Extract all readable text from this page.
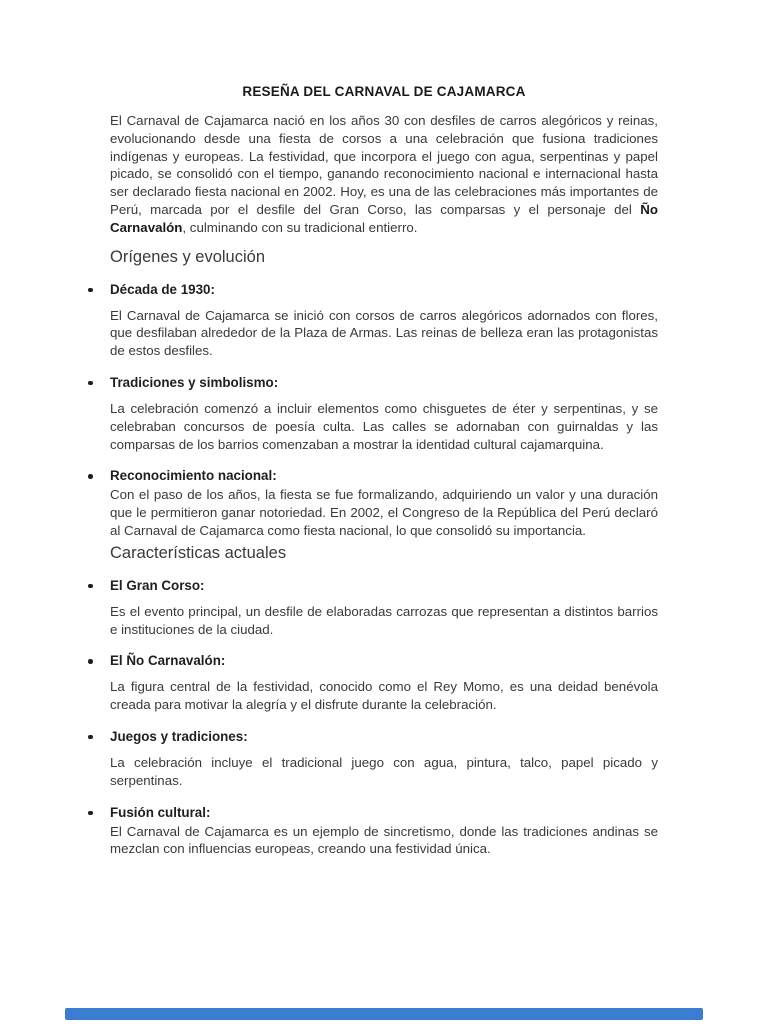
RESEÑA DEL CARNAVAL DE CAJAMARCA

El Carnaval de Cajamarca nació en los años 30 con desfiles de carros alegóricos y reinas, evolucionando desde una fiesta de corsos a una celebración que fusiona tradiciones indígenas y europeas. La festividad, que incorpora el juego con agua, serpentinas y papel picado, se consolidó con el tiempo, ganando reconocimiento nacional e internacional hasta ser declarado fiesta nacional en 2002. Hoy, es una de las celebraciones más importantes de Perú, marcada por el desfile del Gran Corso, las comparsas y el personaje del Ño Carnavalón, culminando con su tradicional entierro.

Orígenes y evolución
Década de 1930:

El Carnaval de Cajamarca se inició con corsos de carros alegóricos adornados con flores, que desfilaban alrededor de la Plaza de Armas. Las reinas de belleza eran las protagonistas de estos desfiles.

Tradiciones y simbolismo:

La celebración comenzó a incluir elementos como chisguetes de éter y serpentinas, y se celebraban concursos de poesía culta. Las calles se adornaban con guirnaldas y las comparsas de los barrios comenzaban a mostrar la identidad cultural cajamarquina.

Reconocimiento nacional:

Con el paso de los años, la fiesta se fue formalizando, adquiriendo un valor y una duración que le permitieron ganar notoriedad. En 2002, el Congreso de la República del Perú declaró al Carnaval de Cajamarca como fiesta nacional, lo que consolidó su importancia.

Características actuales
El Gran Corso:

Es el evento principal, un desfile de elaboradas carrozas que representan a distintos barrios e instituciones de la ciudad.

El Ño Carnavalón:

La figura central de la festividad, conocido como el Rey Momo, es una deidad benévola creada para motivar la alegría y el disfrute durante la celebración.

Juegos y tradiciones:

La celebración incluye el tradicional juego con agua, pintura, talco, papel picado y serpentinas.

Fusión cultural:

El Carnaval de Cajamarca es un ejemplo de sincretismo, donde las tradiciones andinas se mezclan con influencias europeas, creando una festividad única.
